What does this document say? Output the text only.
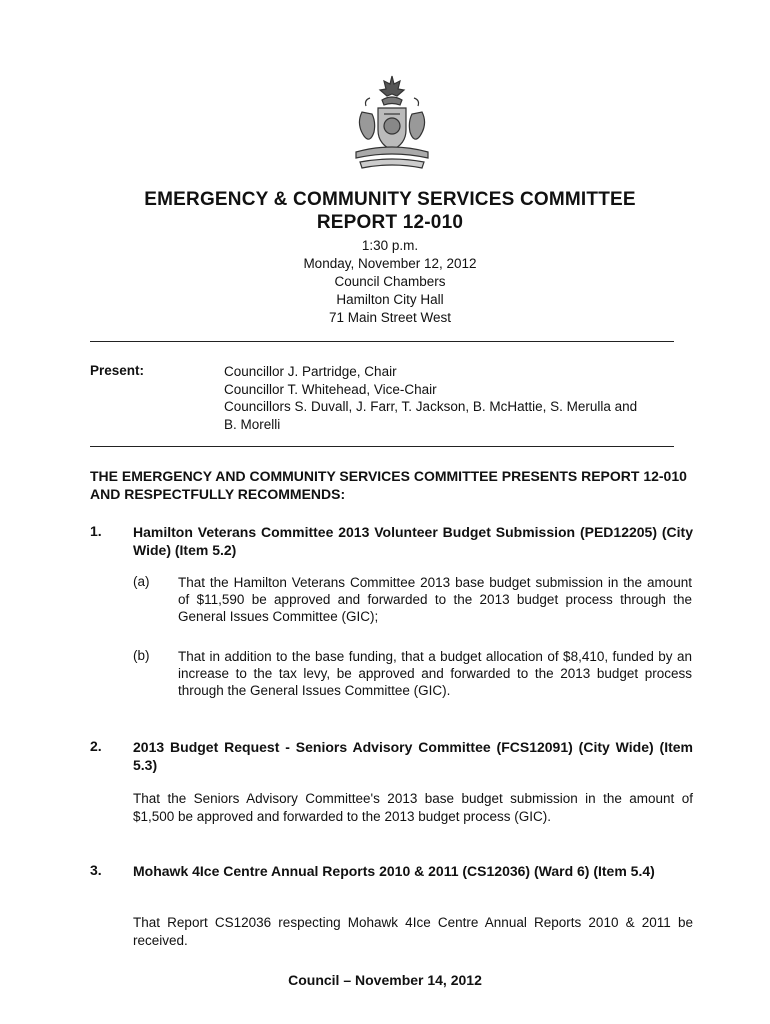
EMERGENCY & COMMUNITY SERVICES COMMITTEE
REPORT 12-010
1:30 p.m.
Monday, November 12, 2012
Council Chambers
Hamilton City Hall
71 Main Street West
Present:	Councillor J. Partridge, Chair
Councillor T. Whitehead, Vice-Chair
Councillors S. Duvall, J. Farr, T. Jackson, B. McHattie, S. Merulla and
B. Morelli
THE EMERGENCY AND COMMUNITY SERVICES COMMITTEE PRESENTS REPORT 12-010 AND RESPECTFULLY RECOMMENDS:
1. Hamilton Veterans Committee 2013 Volunteer Budget Submission (PED12205) (City Wide) (Item 5.2)
(a) That the Hamilton Veterans Committee 2013 base budget submission in the amount of $11,590 be approved and forwarded to the 2013 budget process through the General Issues Committee (GIC);
(b) That in addition to the base funding, that a budget allocation of $8,410, funded by an increase to the tax levy, be approved and forwarded to the 2013 budget process through the General Issues Committee (GIC).
2. 2013 Budget Request - Seniors Advisory Committee (FCS12091) (City Wide) (Item 5.3)
That the Seniors Advisory Committee's 2013 base budget submission in the amount of $1,500 be approved and forwarded to the 2013 budget process (GIC).
3. Mohawk 4Ice Centre Annual Reports 2010 & 2011 (CS12036) (Ward 6) (Item 5.4)
That Report CS12036 respecting Mohawk 4Ice Centre Annual Reports 2010 & 2011 be received.
Council – November 14, 2012
